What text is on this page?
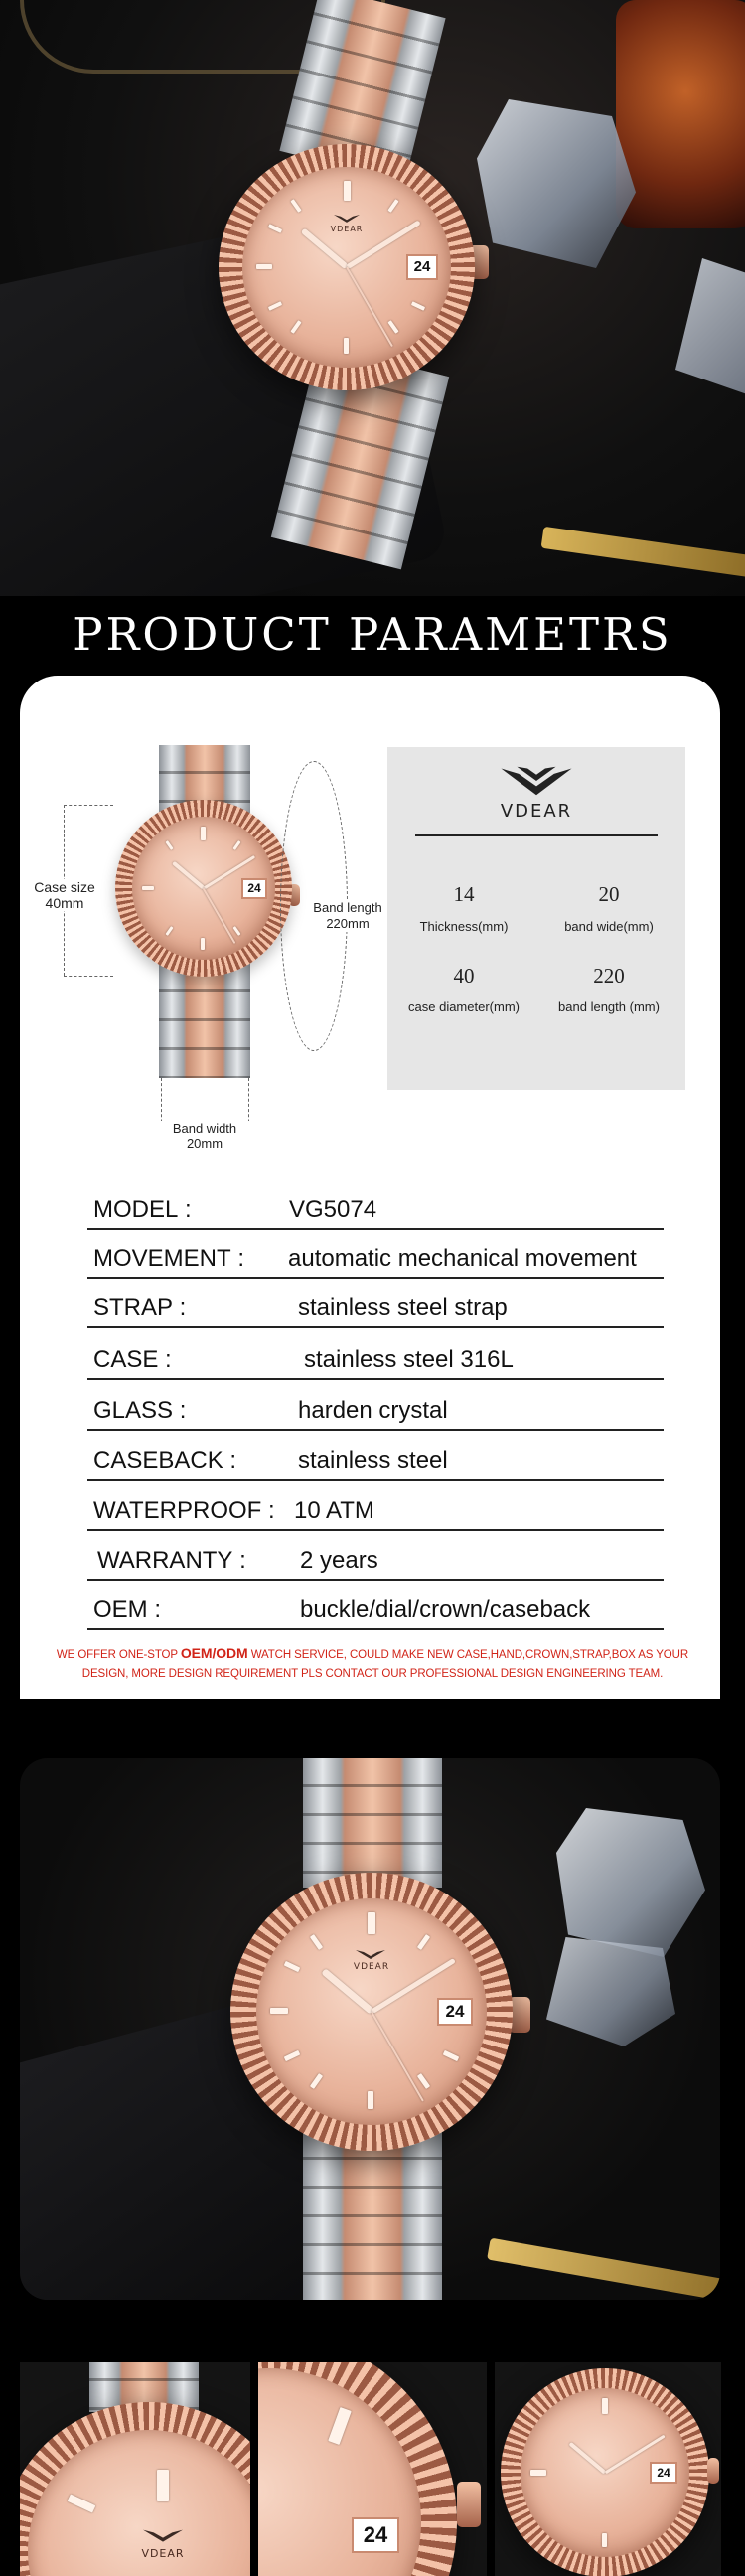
24
VDEAR
PRODUCT PARAMETRS
24
Case size
40mm	Band length
220mm
Band width
20mm
VDEAR
14
Thickness(mm)
20
band wide(mm)
40
case diameter(mm)
220
band length (mm)
MODEL :	VG5074
MOVEMENT : automatic mechanical movement
STRAP :	stainless steel strap
CASE :	stainless steel 316L
GLASS :	harden crystal
CASEBACK :	stainless steel
WATERPROOF : 10 ATM
WARRANTY : 2 years
OEM :	buckle/dial/crown/caseback
WE OFFER ONE-STOP OEM/ODM WATCH SERVICE, COULD MAKE NEW CASE,HAND,CROWN,STRAP,BOX AS YOUR
DESIGN, MORE DESIGN REQUIREMENT PLS CONTACT OUR PROFESSIONAL DESIGN ENGINEERING TEAM.
24
VDEAR
VDEAR
24
24
